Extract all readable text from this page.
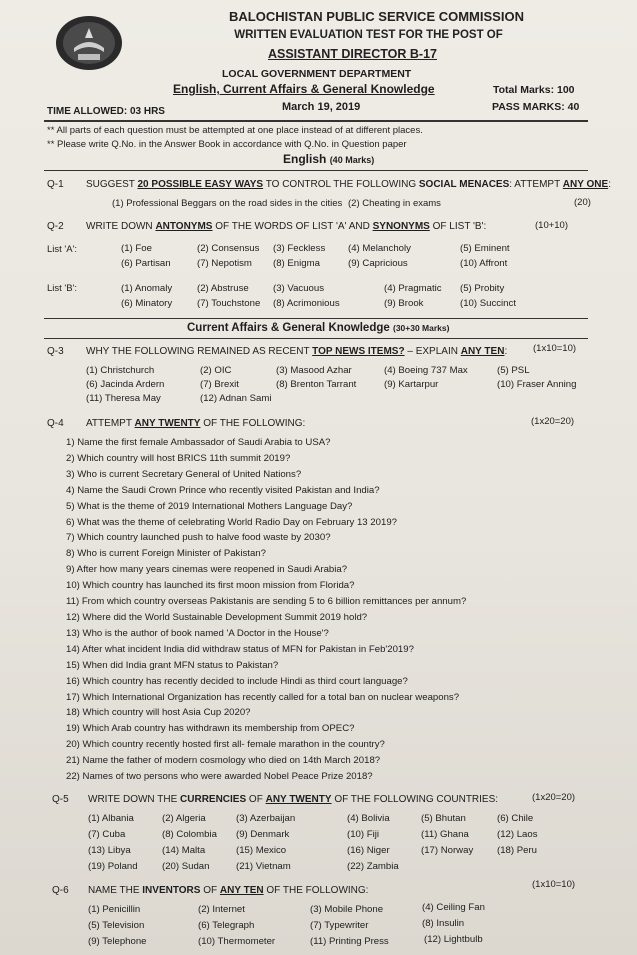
BALOCHISTAN PUBLIC SERVICE COMMISSION
WRITTEN EVALUATION TEST FOR THE POST OF
ASSISTANT DIRECTOR B-17
LOCAL GOVERNMENT DEPARTMENT
English, Current Affairs & General Knowledge	Total Marks: 100
TIME ALLOWED: 03 HRS	March 19, 2019	PASS MARKS: 40
** All parts of each question must be attempted at one place instead of at different places.
** Please write Q.No. in the Answer Book in accordance with Q.No. in Question paper
English (40 Marks)
Q-1 SUGGEST 20 POSSIBLE EASY WAYS TO CONTROL THE FOLLOWING SOCIAL MENACES: ATTEMPT ANY ONE:
(1) Professional Beggars on the road sides in the cities (2) Cheating in exams	(20)
Q-2 WRITE DOWN ANTONYMS OF THE WORDS OF LIST 'A' AND SYNONYMS OF LIST 'B':	(10+10)
List 'A':	(1) Foe	(2) Consensus (3) Feckless (4) Melancholy	(5) Eminent
(6) Partisan	(7) Nepotism (8) Enigma	(9) Capricious	(10) Affront
List 'B':	(1) Anomaly	(2) Abstruse	(3) Vacuous	(4) Pragmatic (5) Probity
(6) Minatory	(7) Touchstone (8) Acrimonious	(9) Brook	(10) Succinct
Current Affairs & General Knowledge (30+30 Marks)
Q-3 WHY THE FOLLOWING REMAINED AS RECENT TOP NEWS ITEMS? – EXPLAIN ANY TEN:	(1x10=10)
(1) Christchurch	(2) OIC	(3) Masood Azhar	(4) Boeing 737 Max	(5) PSL
(6) Jacinda Ardern	(7) Brexit	(8) Brenton Tarrant	(9) Kartarpur	(10) Fraser Anning
(11) Theresa May	(12) Adnan Sami
Q-4 ATTEMPT ANY TWENTY OF THE FOLLOWING:	(1x20=20)
1) Name the first female Ambassador of Saudi Arabia to USA?
2) Which country will host BRICS 11th summit 2019?
3) Who is current Secretary General of United Nations?
4) Name the Saudi Crown Prince who recently visited Pakistan and India?
5) What is the theme of 2019 International Mothers Language Day?
6) What was the theme of celebrating World Radio Day on February 13 2019?
7) Which country launched push to halve food waste by 2030?
8) Who is current Foreign Minister of Pakistan?
9) After how many years cinemas were reopened in Saudi Arabia?
10) Which country has launched its first moon mission from Florida?
11) From which country overseas Pakistanis are sending 5 to 6 billion remittances per annum?
12) Where did the World Sustainable Development Summit 2019 hold?
13) Who is the author of book named 'A Doctor in the House'?
14) After what incident India did withdraw status of MFN for Pakistan in Feb'2019?
15) When did India grant MFN status to Pakistan?
16) Which country has recently decided to include Hindi as third court language?
17) Which International Organization has recently called for a total ban on nuclear weapons?
18) Which country will host Asia Cup 2020?
19) Which Arab country has withdrawn its membership from OPEC?
20) Which country recently hosted first all- female marathon in the country?
21) Name the father of modern cosmology who died on 14th March 2018?
22) Names of two persons who were awarded Nobel Peace Prize 2018?
Q-5 WRITE DOWN THE CURRENCIES OF ANY TWENTY OF THE FOLLOWING COUNTRIES:	(1x20=20)
(1) Albania	(2) Algeria	(3) Azerbaijan	(4) Bolivia	(5) Bhutan	(6) Chile
(7) Cuba	(8) Colombia (9) Denmark	(10) Fiji	(11) Ghana	(12) Laos
(13) Libya	(14) Malta	(15) Mexico	(16) Niger	(17) Norway (18) Peru
(19) Poland	(20) Sudan	(21) Vietnam	(22) Zambia
Q-6 NAME THE INVENTORS OF ANY TEN OF THE FOLLOWING:
(1x10=10)
(1) Penicillin	(2) Internet	(3) Mobile Phone	(4) Ceiling Fan
(5) Television	(6) Telegraph	(7) Typewriter	(8) Insulin
(9) Telephone	(10) Thermometer	(11) Printing Press	(12) Lightbulb
